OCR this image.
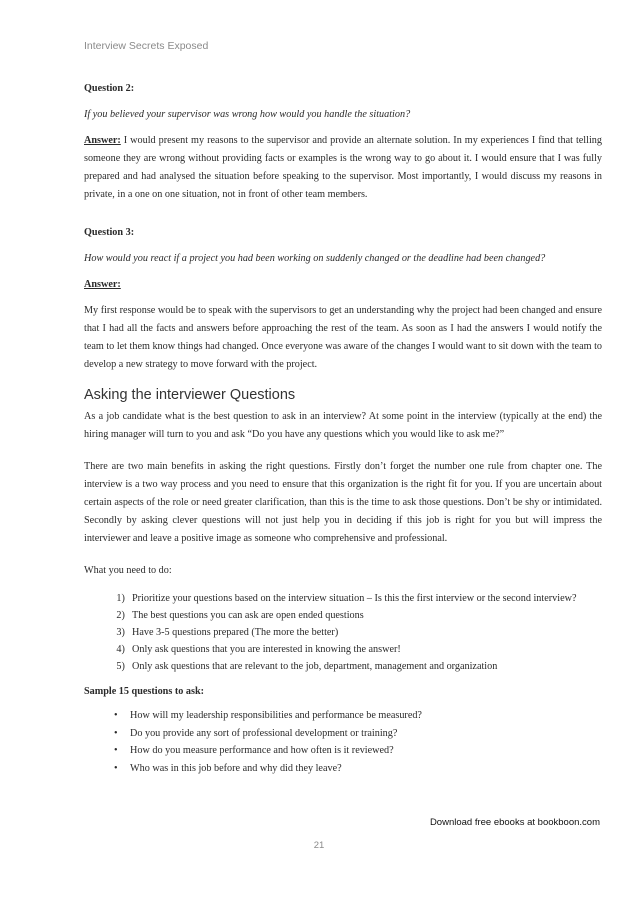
Interview Secrets Exposed

Question 2:

If you believed your supervisor was wrong how would you handle the situation?

Answer: I would present my reasons to the supervisor and provide an alternate solution. In my experiences I find that telling someone they are wrong without providing facts or examples is the wrong way to go about it. I would ensure that I was fully prepared and had analysed the situation before speaking to the supervisor. Most importantly, I would discuss my reasons in private, in a one on one situation, not in front of other team members.

Question 3:

How would you react if a project you had been working on suddenly changed or the deadline had been changed?

Answer:

My first response would be to speak with the supervisors to get an understanding why the project had been changed and ensure that I had all the facts and answers before approaching the rest of the team. As soon as I had the answers I would notify the team to let them know things had changed. Once everyone was aware of the changes I would want to sit down with the team to develop a new strategy to move forward with the project.

Asking the interviewer Questions

As a job candidate what is the best question to ask in an interview? At some point in the interview (typically at the end) the hiring manager will turn to you and ask “Do you have any questions which you would like to ask me?”

There are two main benefits in asking the right questions. Firstly don’t forget the number one rule from chapter one. The interview is a two way process and you need to ensure that this organization is the right fit for you. If you are uncertain about certain aspects of the role or need greater clarification, than this is the time to ask those questions. Don’t be shy or intimidated. Secondly by asking clever questions will not just help you in deciding if this job is right for you but will impress the interviewer and leave a positive image as someone who comprehensive and professional.

What you need to do:

1. Prioritize your questions based on the interview situation – Is this the first interview or the second interview?
2. The best questions you can ask are open ended questions
3. Have 3-5 questions prepared (The more the better)
4. Only ask questions that you are interested in knowing the answer!
5. Only ask questions that are relevant to the job, department, management and organization

Sample 15 questions to ask:

• How will my leadership responsibilities and performance be measured?
• Do you provide any sort of professional development or training?
• How do you measure performance and how often is it reviewed?
• Who was in this job before and why did they leave?
Download free ebooks at bookboon.com
21
